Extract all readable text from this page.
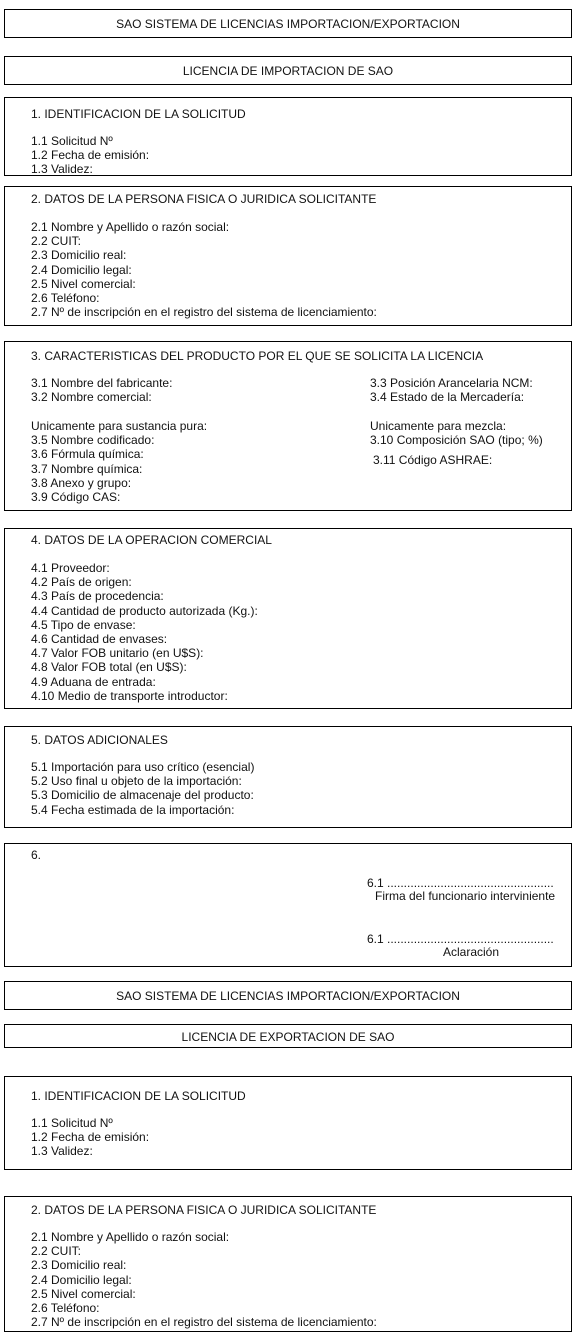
SAO SISTEMA DE LICENCIAS IMPORTACION/EXPORTACION
LICENCIA DE IMPORTACION DE SAO
1. IDENTIFICACION DE LA SOLICITUD
1.1 Solicitud Nº
1.2 Fecha de emisión:
1.3 Validez:
2. DATOS DE LA PERSONA FISICA O JURIDICA SOLICITANTE
2.1 Nombre y Apellido o razón social:
2.2 CUIT:
2.3 Domicilio real:
2.4 Domicilio legal:
2.5 Nivel comercial:
2.6 Teléfono:
2.7 Nº de inscripción en el registro del sistema de licenciamiento:
3. CARACTERISTICAS DEL PRODUCTO POR EL QUE SE SOLICITA LA LICENCIA
3.1 Nombre del fabricante:
3.2 Nombre comercial:
3.3 Posición Arancelaria NCM:
3.4 Estado de la Mercadería:
Unicamente para sustancia pura:
3.5 Nombre codificado:
3.6 Fórmula química:
3.7 Nombre química:
3.8 Anexo y grupo:
3.9 Código CAS:
Unicamente para mezcla:
3.10 Composición SAO (tipo; %)
3.11 Código ASHRAE:
4. DATOS DE LA OPERACION COMERCIAL
4.1 Proveedor:
4.2 País de origen:
4.3 País de procedencia:
4.4 Cantidad de producto autorizada (Kg.):
4.5 Tipo de envase:
4.6 Cantidad de envases:
4.7 Valor FOB unitario (en U$S):
4.8 Valor FOB total (en U$S):
4.9 Aduana de entrada:
4.10 Medio de transporte introductor:
5. DATOS ADICIONALES
5.1 Importación para uso crítico (esencial)
5.2 Uso final u objeto de la importación:
5.3 Domicilio de almacenaje del producto:
5.4 Fecha estimada de la importación:
6.
6.1 ..................................................
Firma del funcionario interviniente
6.1 ..................................................
Aclaración
SAO SISTEMA DE LICENCIAS IMPORTACION/EXPORTACION
LICENCIA DE EXPORTACION DE SAO
1. IDENTIFICACION DE LA SOLICITUD
1.1 Solicitud Nº
1.2 Fecha de emisión:
1.3 Validez:
2. DATOS DE LA PERSONA FISICA O JURIDICA SOLICITANTE
2.1 Nombre y Apellido o razón social:
2.2 CUIT:
2.3 Domicilio real:
2.4 Domicilio legal:
2.5 Nivel comercial:
2.6 Teléfono:
2.7 Nº de inscripción en el registro del sistema de licenciamiento:
